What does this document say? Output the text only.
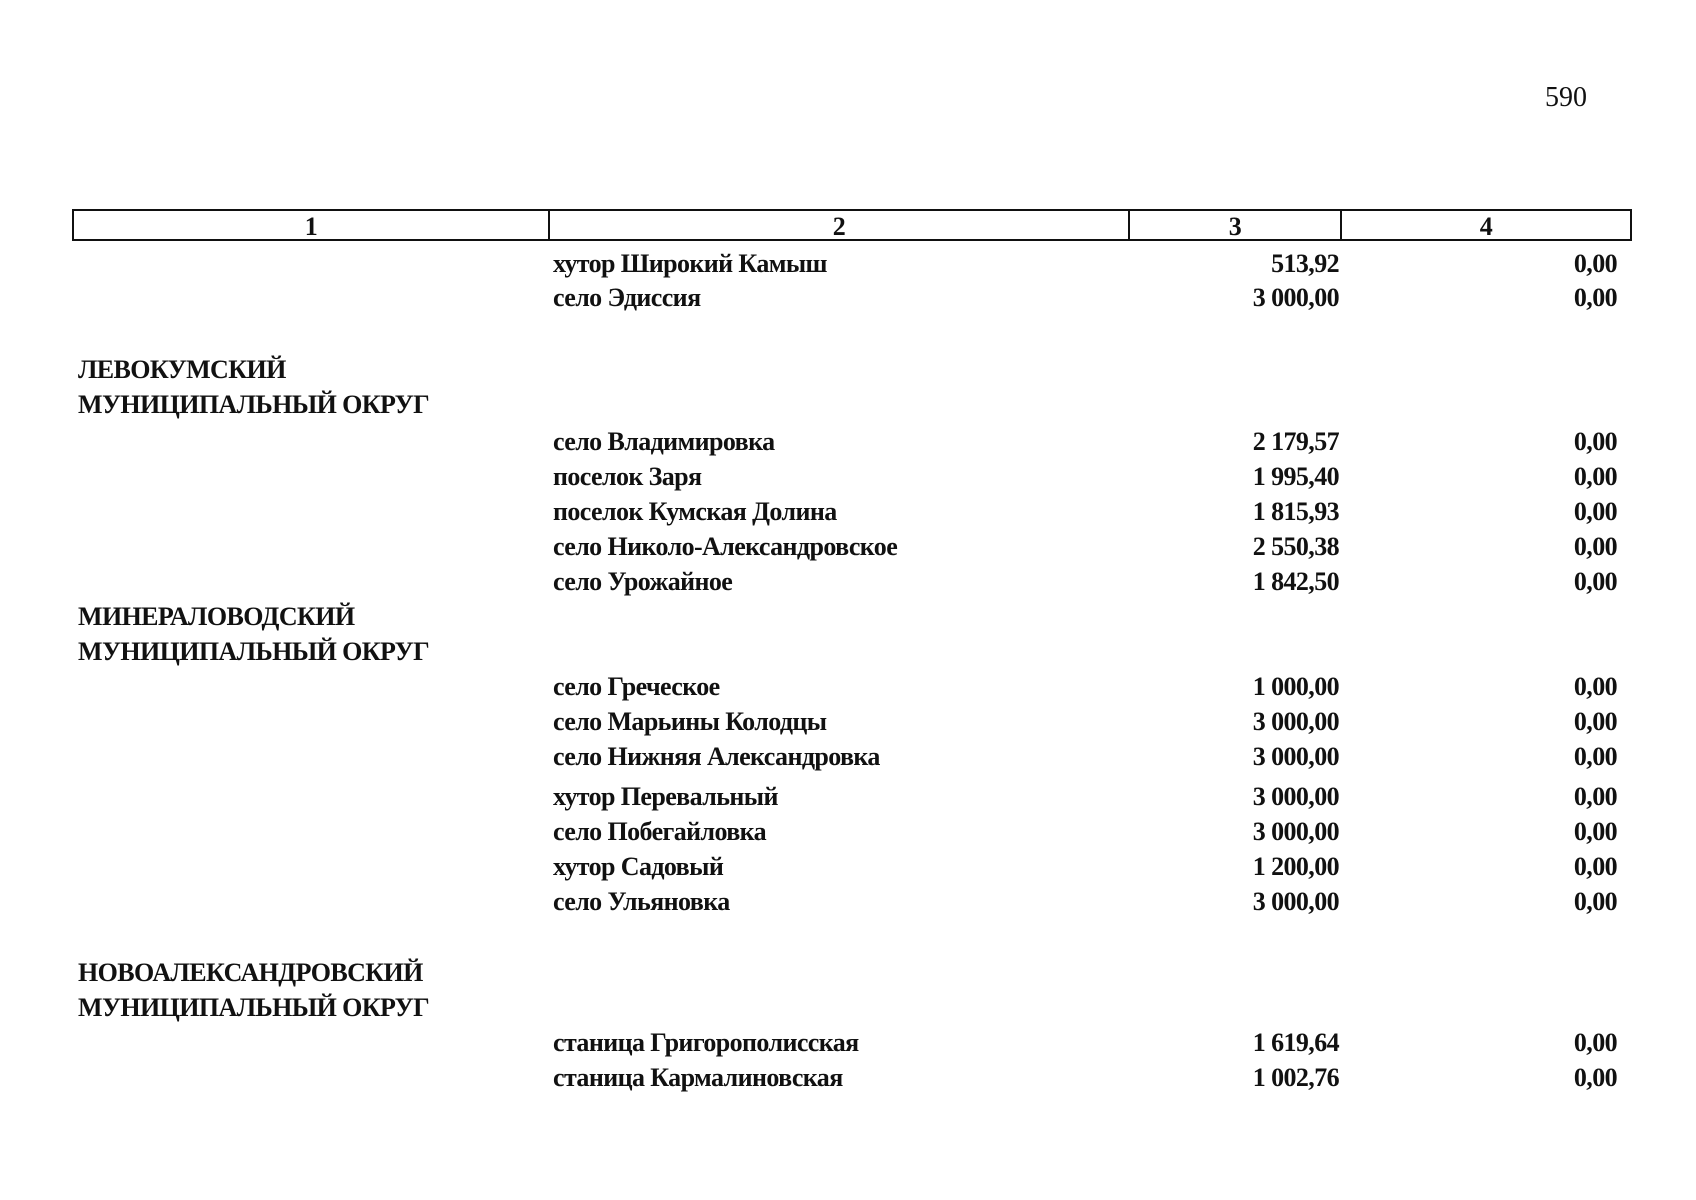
590
1	2	3	4
хутор Широкий Камыш	513,92	0,00
село Эдиссия	3 000,00	0,00
ЛЕВОКУМСКИЙ
МУНИЦИПАЛЬНЫЙ ОКРУГ
село Владимировка	2 179,57	0,00
поселок Заря	1 995,40	0,00
поселок Кумская Долина	1 815,93	0,00
село Николо-Александровское	2 550,38	0,00
село Урожайное	1 842,50	0,00
МИНЕРАЛОВОДСКИЙ
МУНИЦИПАЛЬНЫЙ ОКРУГ
село Греческое	1 000,00	0,00
село Марьины Колодцы	3 000,00	0,00
село Нижняя Александровка	3 000,00	0,00
хутор Перевальный	3 000,00	0,00
село Побегайловка	3 000,00	0,00
хутор Садовый	1 200,00	0,00
село Ульяновка	3 000,00	0,00
НОВОАЛЕКСАНДРОВСКИЙ
МУНИЦИПАЛЬНЫЙ ОКРУГ
станица Григорополисская	1 619,64	0,00
станица Кармалиновская	1 002,76	0,00
